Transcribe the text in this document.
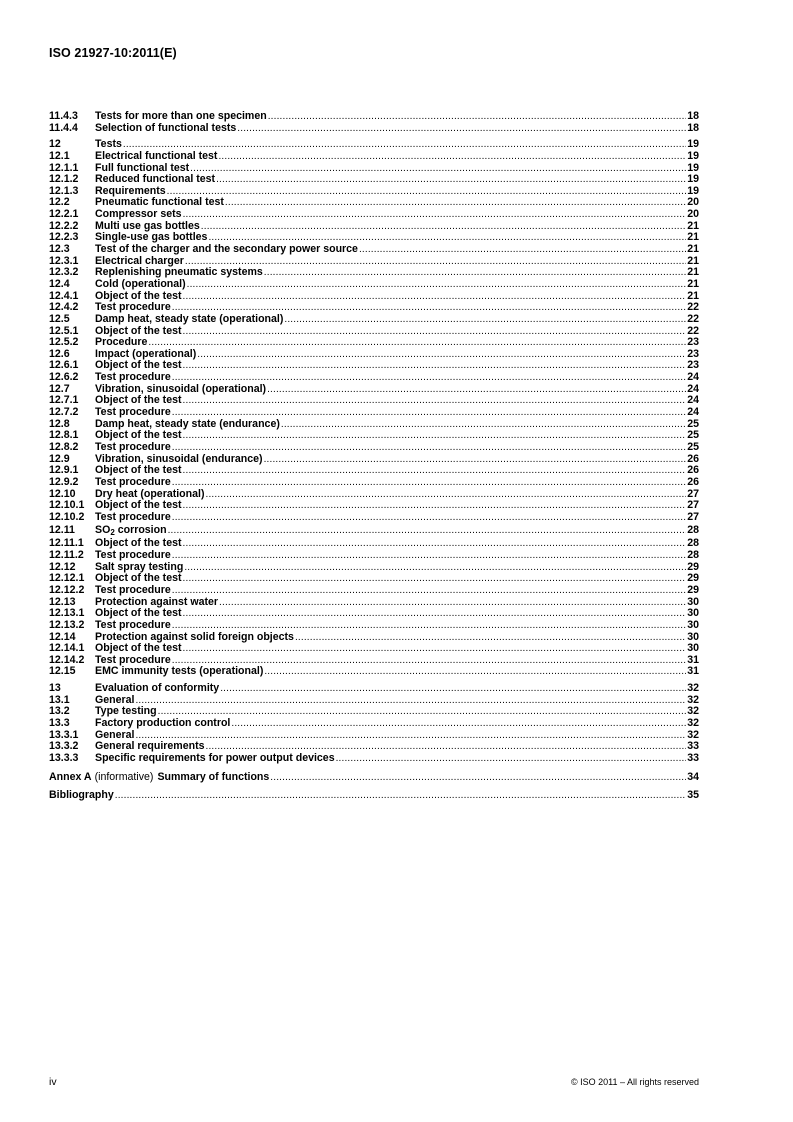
ISO 21927-10:2011(E)
11.4.3	Tests for more than one specimen . . .	18
11.4.4	Selection of functional tests . . .	18
12	Tests . . .	19
12.1	Electrical functional test . . .	19
12.1.1	Full functional test . . .	19
12.1.2	Reduced functional test . . .	19
12.1.3	Requirements . . .	19
12.2	Pneumatic functional test . . .	20
12.2.1	Compressor sets . . .	20
12.2.2	Multi use gas bottles . . .	21
12.2.3	Single-use gas bottles . . .	21
12.3	Test of the charger and the secondary power source . . .	21
12.3.1	Electrical charger . . .	21
12.3.2	Replenishing pneumatic systems . . .	21
12.4	Cold (operational) . . .	21
12.4.1	Object of the test . . .	21
12.4.2	Test procedure . . .	22
12.5	Damp heat, steady state (operational) . . .	22
12.5.1	Object of the test . . .	22
12.5.2	Procedure . . .	23
12.6	Impact (operational) . . .	23
12.6.1	Object of the test . . .	23
12.6.2	Test procedure . . .	24
12.7	Vibration, sinusoidal (operational) . . .	24
12.7.1	Object of the test . . .	24
12.7.2	Test procedure . . .	24
12.8	Damp heat, steady state (endurance) . . .	25
12.8.1	Object of the test . . .	25
12.8.2	Test procedure . . .	25
12.9	Vibration, sinusoidal (endurance) . . .	26
12.9.1	Object of the test . . .	26
12.9.2	Test procedure . . .	26
12.10	Dry heat (operational) . . .	27
12.10.1	Object of the test . . .	27
12.10.2	Test procedure . . .	27
12.11	$SO_2$ corrosion . . .	28
12.11.1	Object of the test . . .	28
12.11.2	Test procedure . . .	28
12.12	Salt spray testing . . .	29
12.12.1	Object of the test . . .	29
12.12.2	Test procedure . . .	29
12.13	Protection against water . . .	30
12.13.1	Object of the test . . .	30
12.13.2	Test procedure . . .	30
12.14	Protection against solid foreign objects . . .	30
12.14.1	Object of the test . . .	30
12.14.2	Test procedure . . .	31
12.15	EMC immunity tests (operational) . . .	31
13	Evaluation of conformity . . .	32
13.1	General . . .	32
13.2	Type testing . . .	32
13.3	Factory production control . . .	32
13.3.1	General . . .	32
13.3.2	General requirements . . .	33
13.3.3	Specific requirements for power output devices . . .	33
Annex A (informative) Summary of functions . . .	34
Bibliography . . .	35
iv	© ISO 2011 – All rights reserved
